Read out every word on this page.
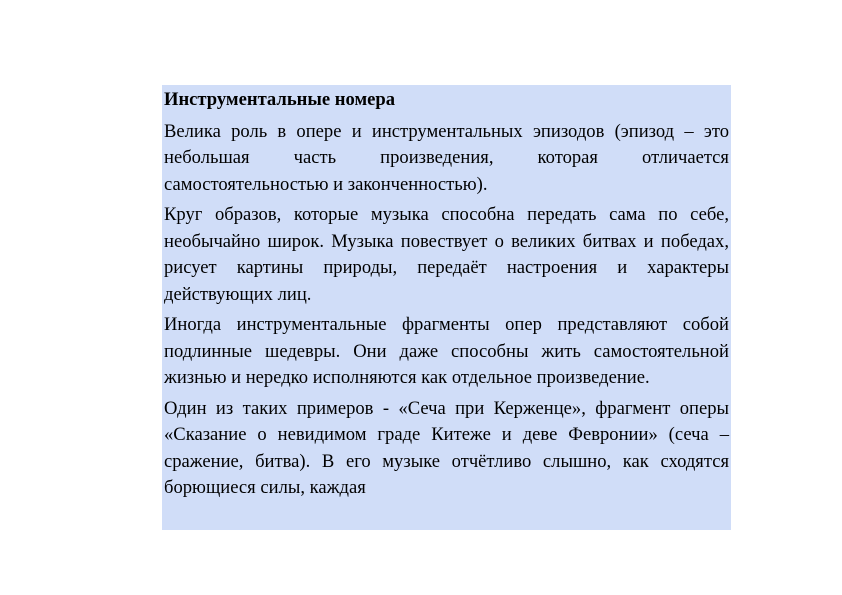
Инструментальные номера

Велика роль в опере и инструментальных эпизодов (эпизод – это небольшая часть произведения, которая отличается самостоятельностью и законченностью).

Круг образов, которые музыка способна передать сама по себе, необычайно широк. Музыка повествует о великих битвах и победах, рисует картины природы, передаёт настроения и характеры действующих лиц.

Иногда инструментальные фрагменты опер представляют собой подлинные шедевры. Они даже способны жить самостоятельной жизнью и нередко исполняются как отдельное произведение.

Один из таких примеров - «Сеча при Керженце», фрагмент оперы «Сказание о невидимом граде Китеже и деве Февронии» (сеча – сражение, битва). В его музыке отчётливо слышно, как сходятся борющиеся силы, каждая
